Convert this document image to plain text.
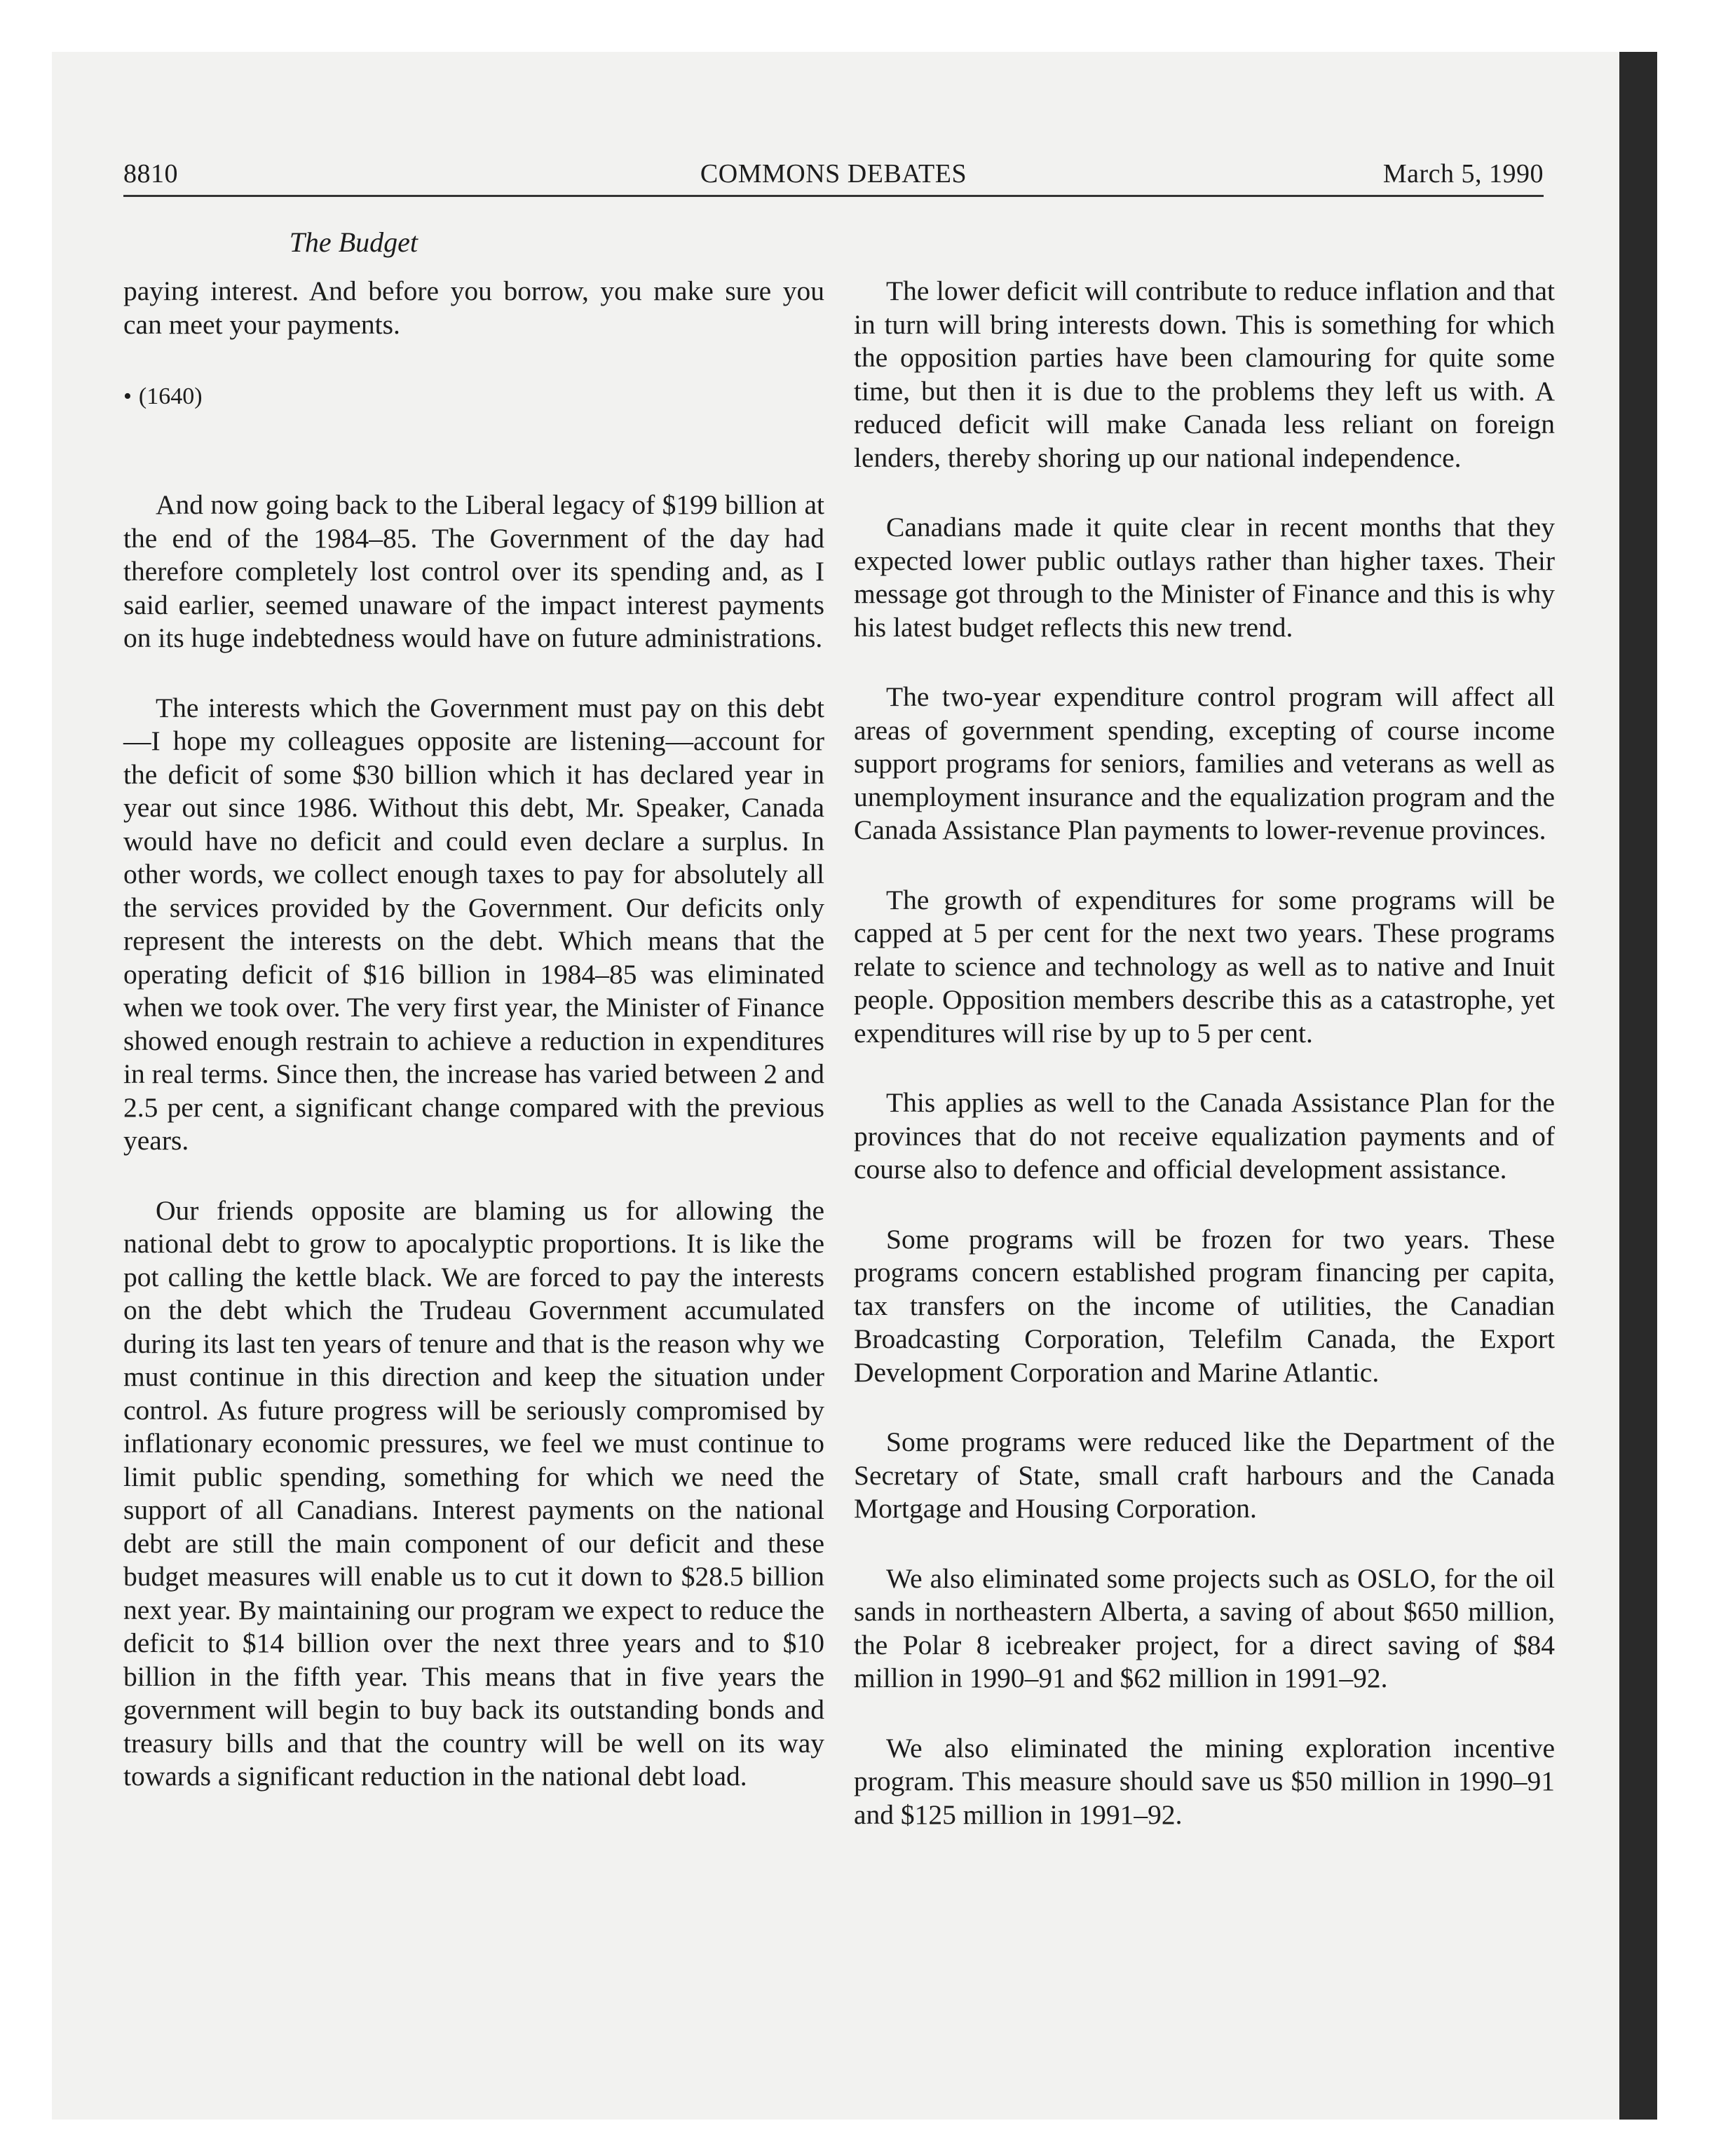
8810	COMMONS DEBATES	March 5, 1990
The Budget

paying interest. And before you borrow, you make sure you can meet your payments.

• (1640)

And now going back to the Liberal legacy of $199 billion at the end of the 1984–85. The Government of the day had therefore completely lost control over its spending and, as I said earlier, seemed unaware of the impact interest payments on its huge indebtedness would have on future administrations.

The interests which the Government must pay on this debt—I hope my colleagues opposite are listening—account for the deficit of some $30 billion which it has declared year in year out since 1986. Without this debt, Mr. Speaker, Canada would have no deficit and could even declare a surplus. In other words, we collect enough taxes to pay for absolutely all the services provided by the Government. Our deficits only represent the interests on the debt. Which means that the operating deficit of $16 billion in 1984–85 was eliminated when we took over. The very first year, the Minister of Finance showed enough restrain to achieve a reduction in expenditures in real terms. Since then, the increase has varied between 2 and 2.5 per cent, a significant change compared with the previous years.

Our friends opposite are blaming us for allowing the national debt to grow to apocalyptic proportions. It is like the pot calling the kettle black. We are forced to pay the interests on the debt which the Trudeau Government accumulated during its last ten years of tenure and that is the reason why we must continue in this direction and keep the situation under control. As future progress will be seriously compromised by inflationary economic pressures, we feel we must continue to limit public spending, something for which we need the support of all Canadians. Interest payments on the national debt are still the main component of our deficit and these budget measures will enable us to cut it down to $28.5 billion next year. By maintaining our program we expect to reduce the deficit to $14 billion over the next three years and to $10 billion in the fifth year. This means that in five years the government will begin to buy back its outstanding bonds and treasury bills and that the country will be well on its way towards a significant reduction in the national debt load.

The lower deficit will contribute to reduce inflation and that in turn will bring interests down. This is something for which the opposition parties have been clamouring for quite some time, but then it is due to the problems they left us with. A reduced deficit will make Canada less reliant on foreign lenders, thereby shoring up our national independence.

Canadians made it quite clear in recent months that they expected lower public outlays rather than higher taxes. Their message got through to the Minister of Finance and this is why his latest budget reflects this new trend.

The two-year expenditure control program will affect all areas of government spending, excepting of course income support programs for seniors, families and veterans as well as unemployment insurance and the equalization program and the Canada Assistance Plan payments to lower-revenue provinces.

The growth of expenditures for some programs will be capped at 5 per cent for the next two years. These programs relate to science and technology as well as to native and Inuit people. Opposition members describe this as a catastrophe, yet expenditures will rise by up to 5 per cent.

This applies as well to the Canada Assistance Plan for the provinces that do not receive equalization payments and of course also to defence and official development assistance.

Some programs will be frozen for two years. These programs concern established program financing per capita, tax transfers on the income of utilities, the Canadian Broadcasting Corporation, Telefilm Canada, the Export Development Corporation and Marine Atlantic.

Some programs were reduced like the Department of the Secretary of State, small craft harbours and the Canada Mortgage and Housing Corporation.

We also eliminated some projects such as OSLO, for the oil sands in northeastern Alberta, a saving of about $650 million, the Polar 8 icebreaker project, for a direct saving of $84 million in 1990–91 and $62 million in 1991–92.

We also eliminated the mining exploration incentive program. This measure should save us $50 million in 1990–91 and $125 million in 1991–92.
